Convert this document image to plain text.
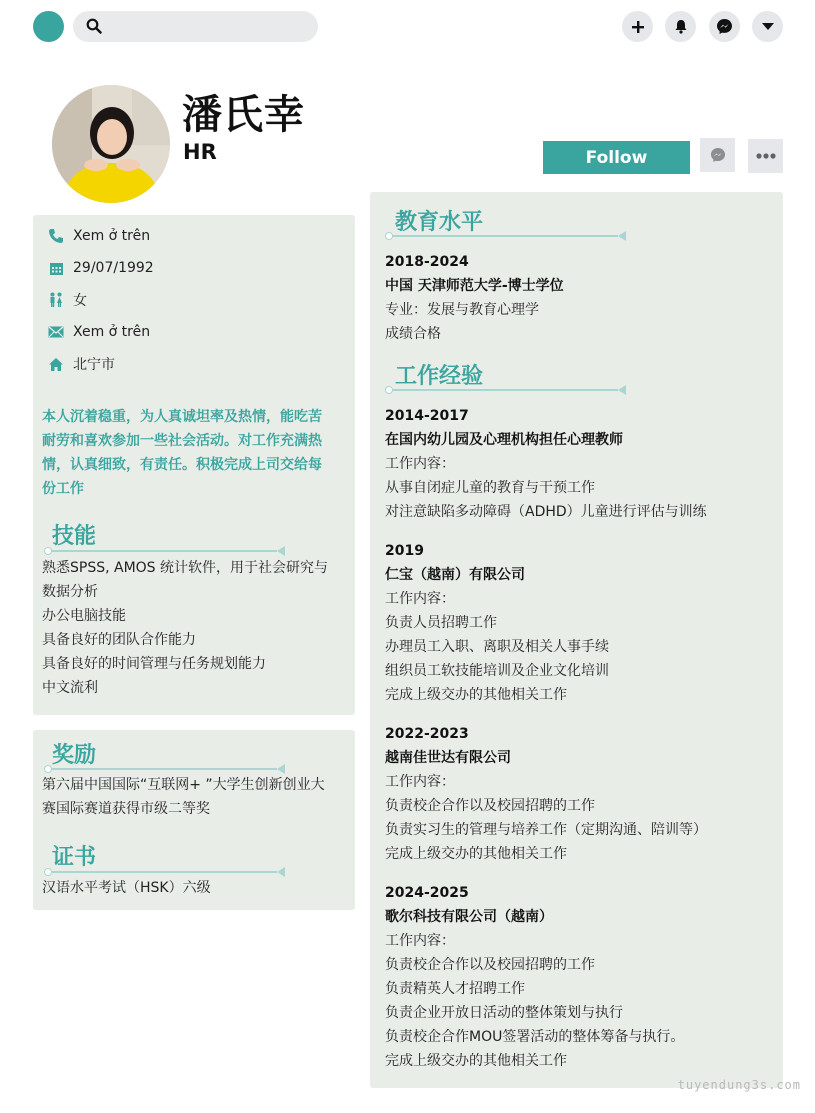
潘氏幸
HR	Follow
Xem ở trên
29/07/1992
女
Xem ở trên
北宁市
本人沉着稳重，为人真诚坦率及热情，能吃苦耐劳和喜欢参加一些社会活动。对工作充满热情，认真细致，有责任。积极完成上司交给每份工作
技能
熟悉SPSS, AMOS 统计软件，用于社会研究与数据分析
办公电脑技能
具备良好的团队合作能力
具备良好的时间管理与任务规划能力
中文流利
奖励
第六届中国国际“互联网+ ”大学生创新创业大赛国际赛道获得市级二等奖
证书
汉语水平考试（HSK）六级
教育水平
2018-2024
中国 天津师范大学-博士学位
专业：发展与教育心理学
成绩合格
工作经验
2014-2017
在国内幼儿园及心理机构担任心理教师
工作内容：
从事自闭症儿童的教育与干预工作
对注意缺陷多动障碍（ADHD）儿童进行评估与训练
2019
仁宝（越南）有限公司
工作内容：
负责人员招聘工作
办理员工入职、离职及相关人事手续
组织员工软技能培训及企业文化培训
完成上级交办的其他相关工作
2022-2023
越南佳世达有限公司
工作内容：
负责校企合作以及校园招聘的工作
负责实习生的管理与培养工作（定期沟通、陪训等）
完成上级交办的其他相关工作
2024-2025
歌尔科技有限公司（越南）
工作内容：
负责校企合作以及校园招聘的工作
负责精英人才招聘工作
负责企业开放日活动的整体策划与执行
负责校企合作MOU签署活动的整体筹备与执行。
完成上级交办的其他相关工作
tuyendung3s.com
